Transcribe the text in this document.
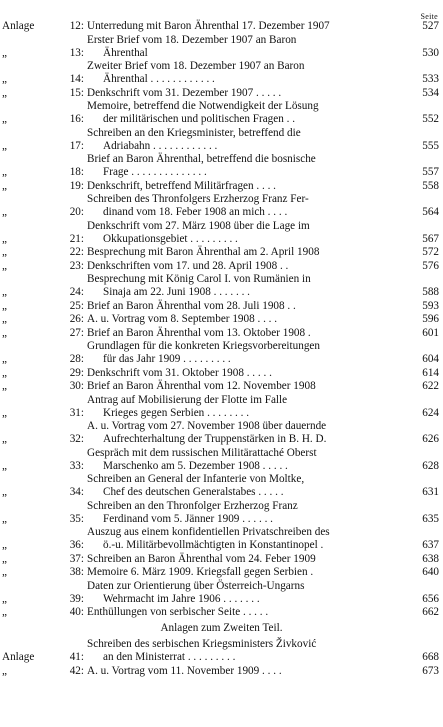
Seite
Anlage	12: Unterredung mit Baron Ährenthal 17. Dezember 1907	527
„	13:
Erster Brief vom 18. Dezember 1907 an Baron
Ährenthal	530
„	14:
Zweiter Brief vom 18. Dezember 1907 an Baron
Ährenthal . . . . . . . . . . . .	533
„	15: Denkschrift vom 31. Dezember 1907 . . . . .	534
„	16:
Memoire, betreffend die Notwendigkeit der Lösung
der militärischen und politischen Fragen . .	552
„	17:
Schreiben an den Kriegsminister, betreffend die
Adriabahn . . . . . . . . . . . .	555
„	18:
Brief an Baron Ährenthal, betreffend die bosnische
Frage . . . . . . . . . . . . . .	557
„	19: Denkschrift, betreffend Militärfragen . . . .	558
„	20:
Schreiben des Thronfolgers Erzherzog Franz Fer-
dinand vom 18. Feber 1908 an mich . . . .	564
„	21:
Denkschrift vom 27. März 1908 über die Lage im
Okkupationsgebiet . . . . . . . . .	567
„	22: Besprechung mit Baron Ährenthal am 2. April 1908	572
„	23: Denkschriften vom 17. und 28. April 1908 . .	576
„	24:
Besprechung mit König Carol I. von Rumänien in
Sinaja am 22. Juni 1908 . . . . . . .	588
„	25: Brief an Baron Ährenthal vom 28. Juli 1908 . .	593
„	26: A. u. Vortrag vom 8. September 1908 . . . .	596
„	27: Brief an Baron Ährenthal vom 13. Oktober 1908 .	601
„	28:
Grundlagen für die konkreten Kriegsvorbereitungen
für das Jahr 1909 . . . . . . . . .	604
„	29: Denkschrift vom 31. Oktober 1908 . . . . .	614
„	30: Brief an Baron Ährenthal vom 12. November 1908	622
„	31:
Antrag auf Mobilisierung der Flotte im Falle
Krieges gegen Serbien . . . . . . . .	624
„	32:
A. u. Vortrag vom 27. November 1908 über dauernde
Aufrechterhaltung der Truppenstärken in B. H. D.	626
„	33:
Gespräch mit dem russischen Militärattaché Oberst
Marschenko am 5. Dezember 1908 . . . . .	628
„	34:
Schreiben an General der Infanterie von Moltke,
Chef des deutschen Generalstabes . . . . .	631
„	35:
Schreiben an den Thronfolger Erzherzog Franz
Ferdinand vom 5. Jänner 1909 . . . . . .	635
„	36:
Auszug aus einem konfidentiellen Privatschreiben des
ö.-u. Militärbevollmächtigten in Konstantinopel .	637
„	37: Schreiben an Baron Ährenthal vom 24. Feber 1909	638
„	38: Memoire 6. März 1909. Kriegsfall gegen Serbien .	640
„	39:
Daten zur Orientierung über Österreich-Ungarns
Wehrmacht im Jahre 1906 . . . . . . .	656
„	40: Enthüllungen von serbischer Seite . . . . .	662
Anlagen zum Zweiten Teil.
Anlage	41:
Schreiben des serbischen Kriegsministers Živković
an den Ministerrat . . . . . . . . .	668
„	42: A. u. Vortrag vom 11. November 1909 . . . .	673
